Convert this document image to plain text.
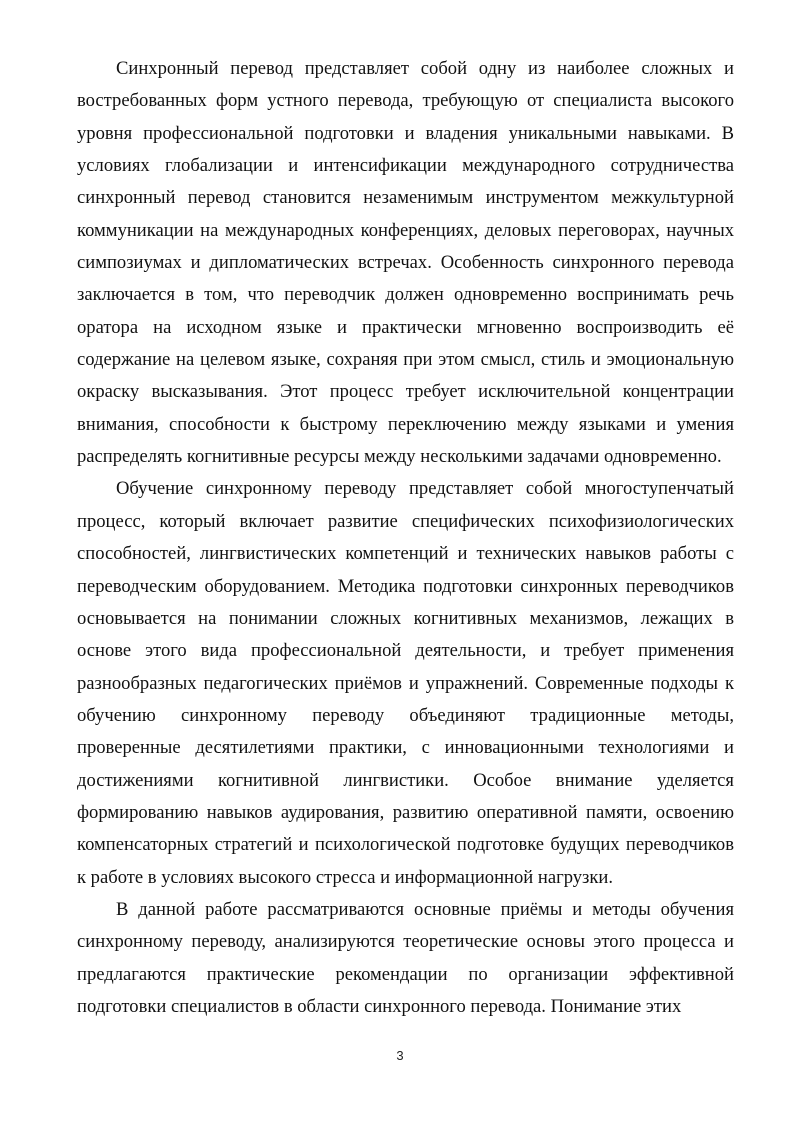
Синхронный перевод представляет собой одну из наиболее сложных и востребованных форм устного перевода, требующую от специалиста высокого уровня профессиональной подготовки и владения уникальными навыками. В условиях глобализации и интенсификации международного сотрудничества синхронный перевод становится незаменимым инструментом межкультурной коммуникации на международных конференциях, деловых переговорах, научных симпозиумах и дипломатических встречах. Особенность синхронного перевода заключается в том, что переводчик должен одновременно воспринимать речь оратора на исходном языке и практически мгновенно воспроизводить её содержание на целевом языке, сохраняя при этом смысл, стиль и эмоциональную окраску высказывания. Этот процесс требует исключительной концентрации внимания, способности к быстрому переключению между языками и умения распределять когнитивные ресурсы между несколькими задачами одновременно.

Обучение синхронному переводу представляет собой многоступенчатый процесс, который включает развитие специфических психофизиологических способностей, лингвистических компетенций и технических навыков работы с переводческим оборудованием. Методика подготовки синхронных переводчиков основывается на понимании сложных когнитивных механизмов, лежащих в основе этого вида профессиональной деятельности, и требует применения разнообразных педагогических приёмов и упражнений. Современные подходы к обучению синхронному переводу объединяют традиционные методы, проверенные десятилетиями практики, с инновационными технологиями и достижениями когнитивной лингвистики. Особое внимание уделяется формированию навыков аудирования, развитию оперативной памяти, освоению компенсаторных стратегий и психологической подготовке будущих переводчиков к работе в условиях высокого стресса и информационной нагрузки.

В данной работе рассматриваются основные приёмы и методы обучения синхронному переводу, анализируются теоретические основы этого процесса и предлагаются практические рекомендации по организации эффективной подготовки специалистов в области синхронного перевода. Понимание этих

3
